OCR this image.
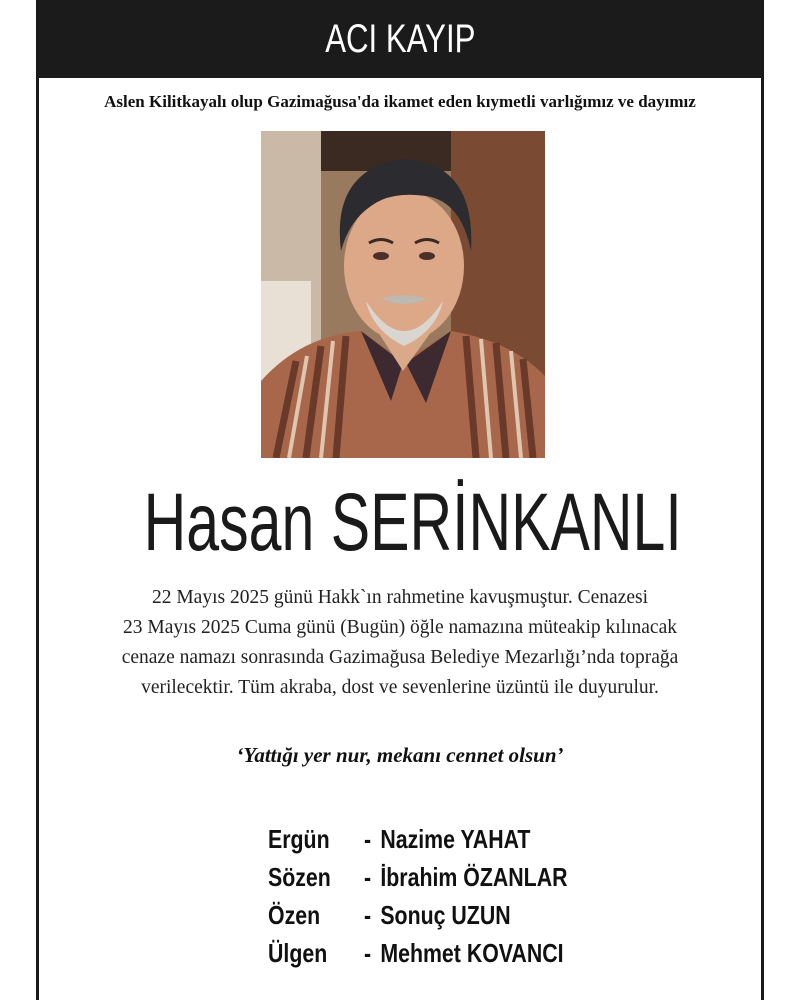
ACI KAYIP
Aslen Kilitkayalı olup Gazimağusa'da ikamet eden kıymetli varlığımız ve dayımız
Hasan SERİNKANLI
22 Mayıs 2025 günü Hakk`ın rahmetine kavuşmuştur. Cenazesi
23 Mayıs 2025 Cuma günü (Bugün) öğle namazına müteakip kılınacak
cenaze namazı sonrasında Gazimağusa Belediye Mezarlığı’nda toprağa
verilecektir. Tüm akraba, dost ve sevenlerine üzüntü ile duyurulur.
‘Yattığı yer nur, mekanı cennet olsun’
Ergün - Nazime YAHAT
Sözen - İbrahim ÖZANLAR
Özen - Sonuç UZUN
Ülgen - Mehmet KOVANCI
